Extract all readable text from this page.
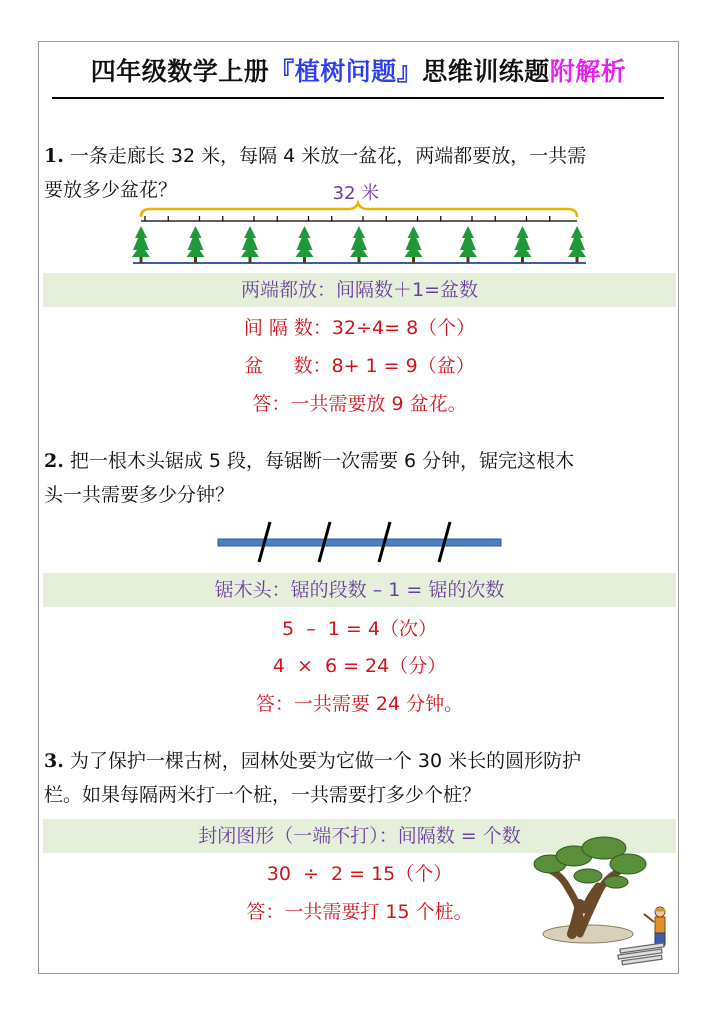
四年级数学上册『植树问题』思维训练题附解析
1. 一条走廊长 32 米，每隔 4 米放一盆花，两端都要放，一共需
要放多少盆花？	32 米
两端都放：间隔数＋1=盆数
间 隔 数：32÷4= 8（个）
盆     数：8+ 1 = 9（盆）
答：一共需要放 9 盆花。
2. 把一根木头锯成 5 段，每锯断一次需要 6 分钟，锯完这根木
头一共需要多少分钟？
锯木头：锯的段数 – 1 = 锯的次数
5  –  1 = 4（次）
4  ×  6 = 24（分）
答：一共需要 24 分钟。
3. 为了保护一棵古树，园林处要为它做一个 30 米长的圆形防护
栏。如果每隔两米打一个桩，一共需要打多少个桩？
封闭图形（一端不打）：间隔数 = 个数
30  ÷  2 = 15（个）
答：一共需要打 15 个桩。
